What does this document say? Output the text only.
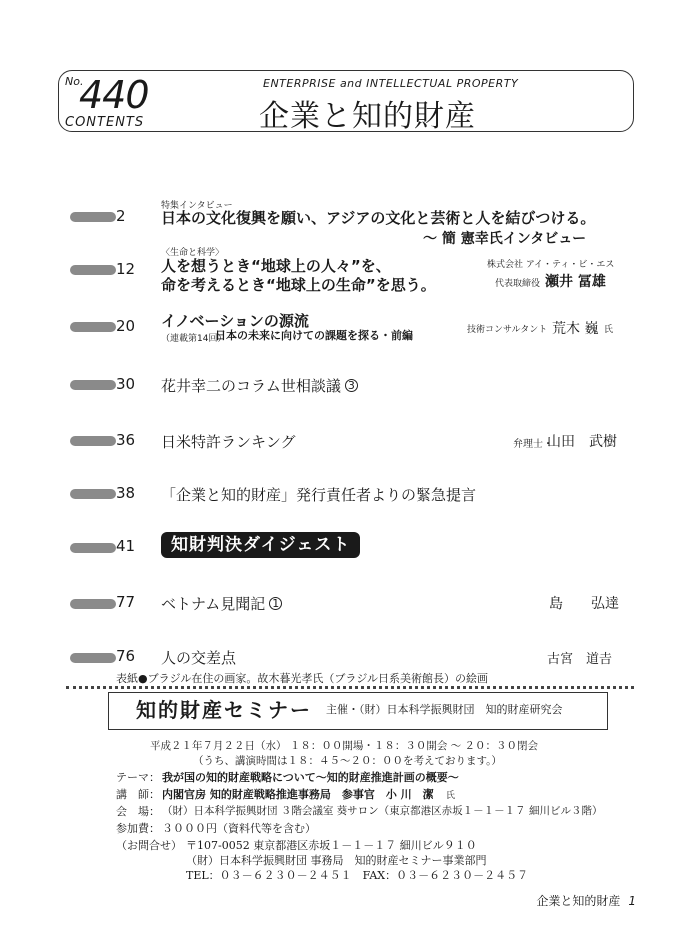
No.
440
CONTENTS
ENTERPRISE and INTELLECTUAL PROPERTY
企業と知的財産
特集インタビュー
2 日本の文化復興を願い、アジアの文化と芸術と人を結びつける。
～ 簡 憲幸氏インタビュー
〈生命と科学〉
12 人を想うとき“地球上の人々”を、
命を考えるとき“地球上の生命”を思う。
株式会社 アイ・ティ・ビ・エス
代表取締役 瀬井 冨雄
20 イノベーションの源流
（連載第14回）
日本の未来に向けての課題を探る・前編	技術コンサルタント 荒木 巍 氏
30 花井幸二のコラム世相談議 3
36 日米特許ランキング	弁理士・
山田　武樹
38 「企業と知的財産」発行責任者よりの緊急提言
41	知財判決ダイジェスト
77 ベトナム見聞記 1	島　　弘達
76 人の交差点	古宮　道𠮷
表紙●ブラジル在住の画家。故木暮光孝氏（ブラジル日系美術館長）の絵画
知的財産セミナー 主催・（財）日本科学振興財団　知的財産研究会
平成２１年７月２２日（水） １８：００開場・１８：３０開会 ～ ２０：３０閉会
（うち、講演時間は１８：４５～２０：００を考えております。）
テーマ： 我が国の知的財産戦略について～知的財産推進計画の概要～
講　師： 内閣官房 知的財産戦略推進事務局　参事官　小 川　潔 氏
会　場： （財）日本科学振興財団 ３階会議室 葵サロン（東京都港区赤坂１－１－１７ 細川ビル３階）
参加費： ３０００円（資料代等を含む）
（お問合せ） 〒107-0052 東京都港区赤坂１－１－１７ 細川ビル９１０
（財）日本科学振興財団 事務局　知的財産セミナー事業部門
TEL：０３－６２３０－２４５１　FAX：０３－６２３０－２４５７
企業と知的財産 1
